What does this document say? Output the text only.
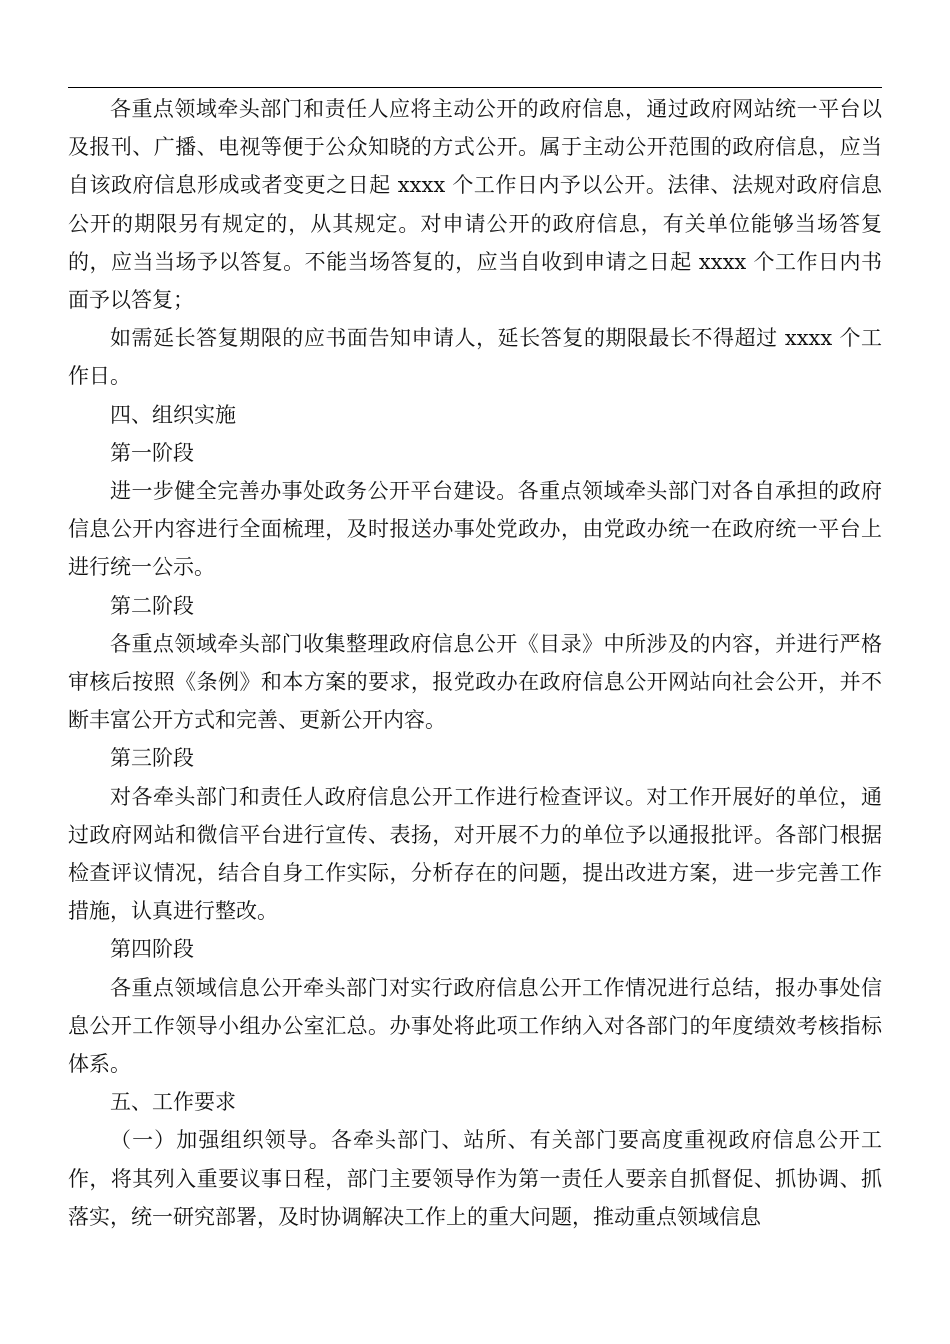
各重点领域牵头部门和责任人应将主动公开的政府信息，通过政府网站统一平台以及报刊、广播、电视等便于公众知晓的方式公开。属于主动公开范围的政府信息，应当自该政府信息形成或者变更之日起 xxxx 个工作日内予以公开。法律、法规对政府信息公开的期限另有规定的，从其规定。对申请公开的政府信息，有关单位能够当场答复的，应当当场予以答复。不能当场答复的，应当自收到申请之日起 xxxx 个工作日内书面予以答复；

如需延长答复期限的应书面告知申请人，延长答复的期限最长不得超过 xxxx 个工作日。

四、组织实施

第一阶段

进一步健全完善办事处政务公开平台建设。各重点领域牵头部门对各自承担的政府信息公开内容进行全面梳理，及时报送办事处党政办，由党政办统一在政府统一平台上进行统一公示。

第二阶段

各重点领域牵头部门收集整理政府信息公开《目录》中所涉及的内容，并进行严格审核后按照《条例》和本方案的要求，报党政办在政府信息公开网站向社会公开，并不断丰富公开方式和完善、更新公开内容。

第三阶段

对各牵头部门和责任人政府信息公开工作进行检查评议。对工作开展好的单位，通过政府网站和微信平台进行宣传、表扬，对开展不力的单位予以通报批评。各部门根据检查评议情况，结合自身工作实际，分析存在的问题，提出改进方案，进一步完善工作措施，认真进行整改。

第四阶段

各重点领域信息公开牵头部门对实行政府信息公开工作情况进行总结，报办事处信息公开工作领导小组办公室汇总。办事处将此项工作纳入对各部门的年度绩效考核指标体系。

五、工作要求

（一）加强组织领导。各牵头部门、站所、有关部门要高度重视政府信息公开工作，将其列入重要议事日程，部门主要领导作为第一责任人要亲自抓督促、抓协调、抓落实，统一研究部署，及时协调解决工作上的重大问题，推动重点领域信息
